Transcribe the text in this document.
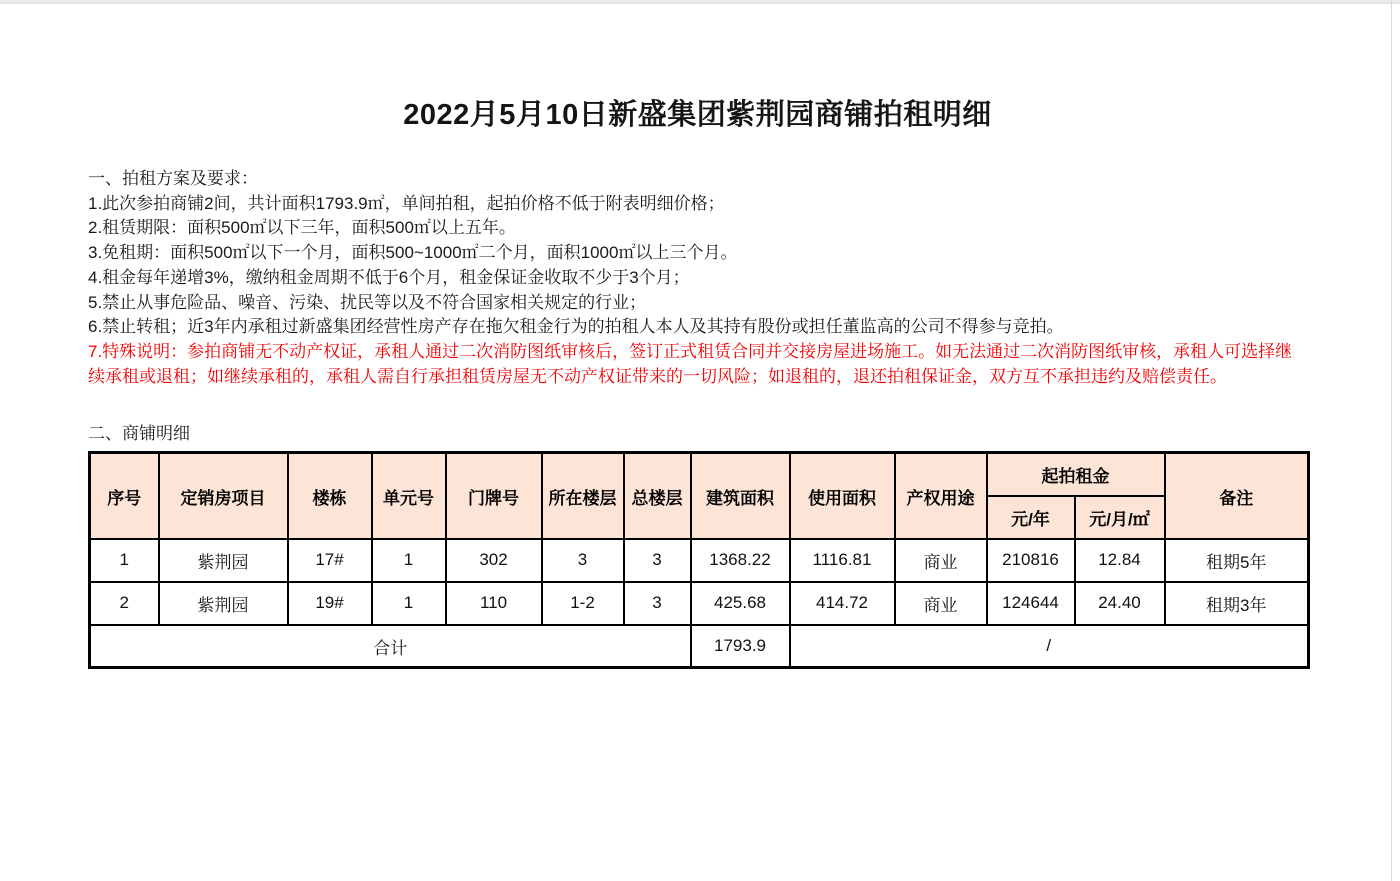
2022月5月10日新盛集团紫荆园商铺拍租明细
一、拍租方案及要求：
1.此次参拍商铺2间，共计面积1793.9㎡，单间拍租，起拍价格不低于附表明细价格；
2.租赁期限：面积500㎡以下三年，面积500㎡以上五年。
3.免租期：面积500㎡以下一个月，面积500~1000㎡二个月，面积1000㎡以上三个月。
4.租金每年递增3%，缴纳租金周期不低于6个月，租金保证金收取不少于3个月；
5.禁止从事危险品、噪音、污染、扰民等以及不符合国家相关规定的行业；
6.禁止转租；近3年内承租过新盛集团经营性房产存在拖欠租金行为的拍租人本人及其持有股份或担任董监高的公司不得参与竞拍。
7.特殊说明：参拍商铺无不动产权证，承租人通过二次消防图纸审核后，签订正式租赁合同并交接房屋进场施工。如无法通过二次消防图纸审核，承租人可选择继续承租或退租；如继续承租的，承租人需自行承担租赁房屋无不动产权证带来的一切风险；如退租的，退还拍租保证金，双方互不承担违约及赔偿责任。
二、商铺明细
序号	定销房项目	楼栋	单元号	门牌号	所在楼层	总楼层	建筑面积	使用面积	产权用途	起拍租金		备注
										元/年	元/月/㎡	
1	紫荆园	17#	1	302	3	3	1368.22	1116.81	商业	210816	12.84	租期5年
2	紫荆园	19#	1	110	1-2	3	425.68	414.72	商业	124644	24.40	租期3年
合计							1793.9	/				
